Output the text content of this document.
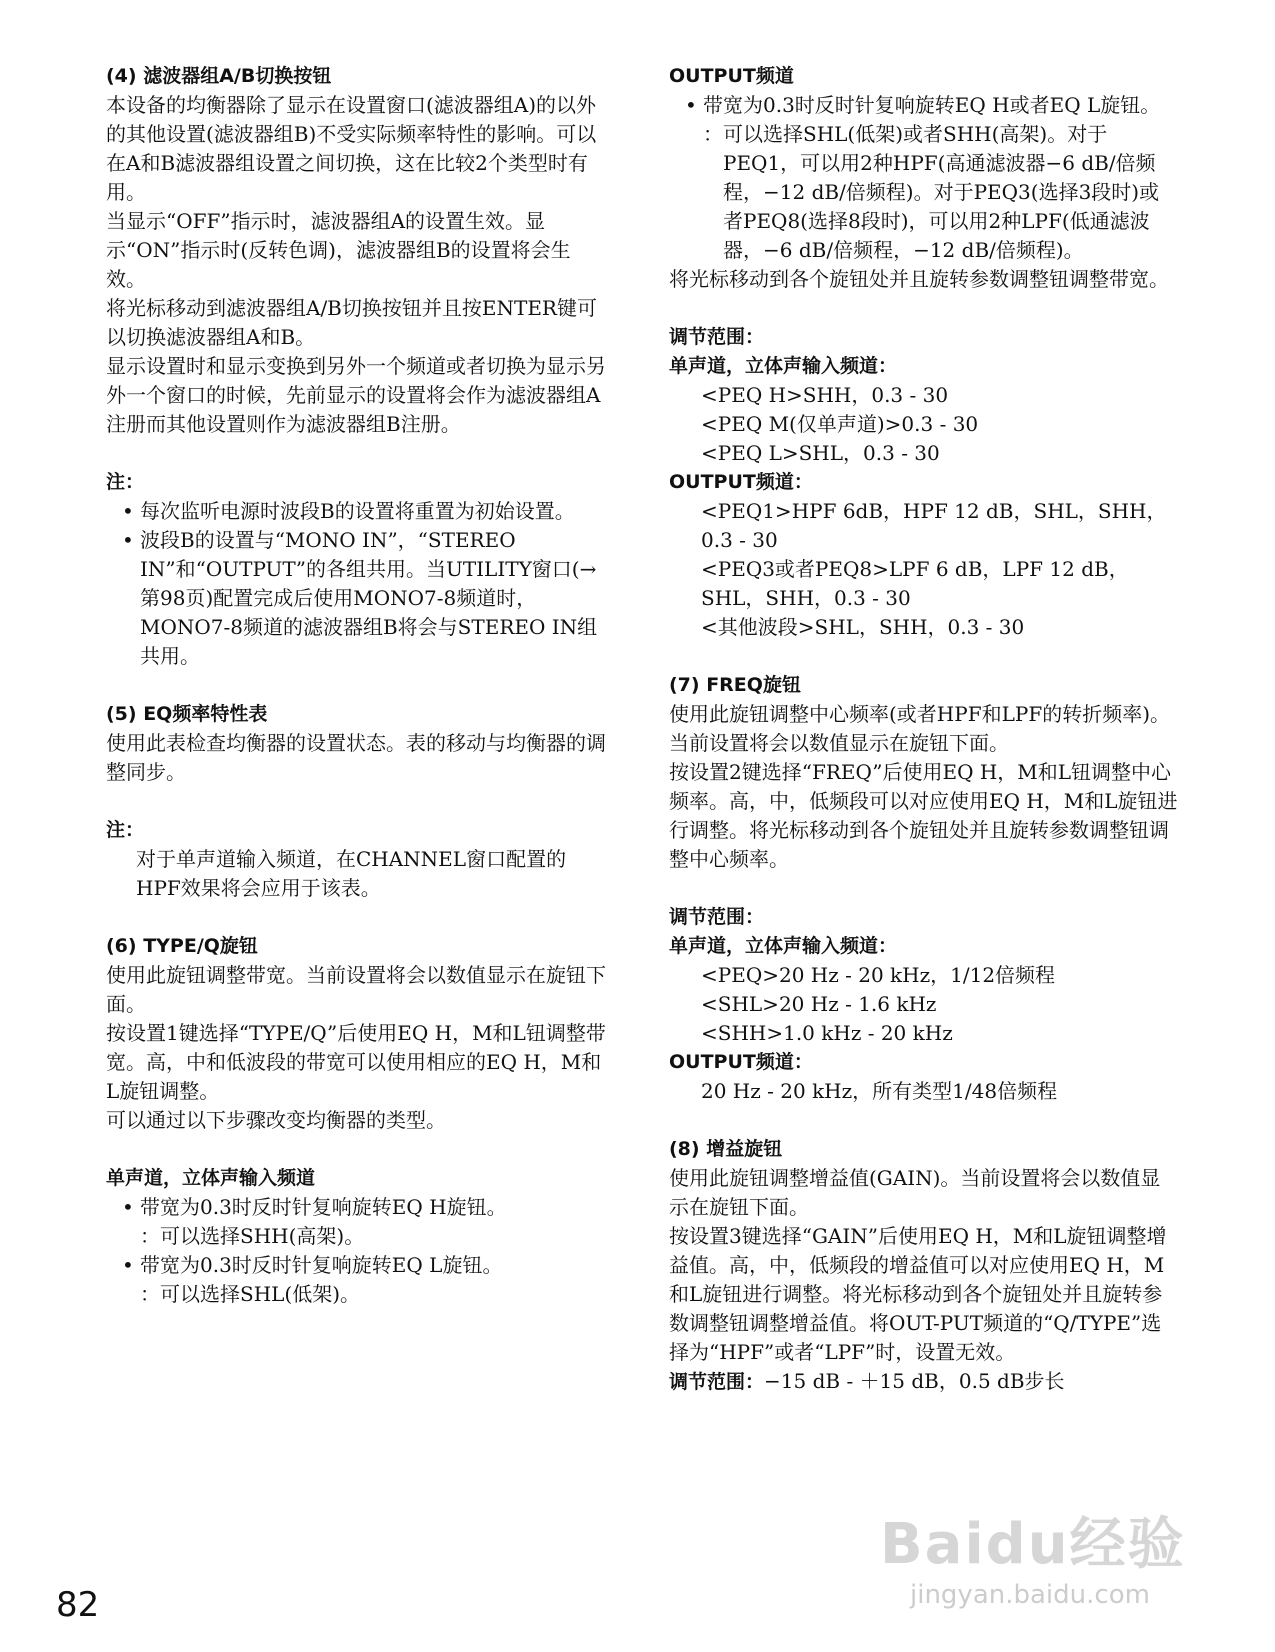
(4) 滤波器组A/B切换按钮

本设备的均衡器除了显示在设置窗口(滤波器组A)的以外的其他设置(滤波器组B)不受实际频率特性的影响。可以在A和B滤波器组设置之间切换，这在比较2个类型时有用。

当显示“OFF”指示时，滤波器组A的设置生效。显示“ON”指示时(反转色调)，滤波器组B的设置将会生效。

将光标移动到滤波器组A/B切换按钮并且按ENTER键可以切换滤波器组A和B。

显示设置时和显示变换到另外一个频道或者切换为显示另外一个窗口的时候，先前显示的设置将会作为滤波器组A注册而其他设置则作为滤波器组B注册。

注：

• 每次监听电源时波段B的设置将重置为初始设置。

• 波段B的设置与“MONO IN”，“STEREO IN”和“OUTPUT”的各组共用。当UTILITY窗口(→第98页)配置完成后使用MONO7-8频道时，MONO7-8频道的滤波器组B将会与STEREO IN组共用。

(5) EQ频率特性表

使用此表检查均衡器的设置状态。表的移动与均衡器的调整同步。

注：

对于单声道输入频道，在CHANNEL窗口配置的HPF效果将会应用于该表。

(6) TYPE/Q旋钮

使用此旋钮调整带宽。当前设置将会以数值显示在旋钮下面。

按设置1键选择“TYPE/Q”后使用EQ H，M和L钮调整带宽。高，中和低波段的带宽可以使用相应的EQ H，M和L旋钮调整。

可以通过以下步骤改变均衡器的类型。

单声道，立体声输入频道

• 带宽为0.3时反时针复响旋转EQ H旋钮。

：可以选择SHH(高架)。

• 带宽为0.3时反时针复响旋转EQ L旋钮。

：可以选择SHL(低架)。

OUTPUT频道

• 带宽为0.3时反时针复响旋转EQ H或者EQ L旋钮。

：可以选择SHL(低架)或者SHH(高架)。对于PEQ1，可以用2种HPF(高通滤波器−6 dB/倍频程，−12 dB/倍频程)。对于PEQ3(选择3段时)或者PEQ8(选择8段时)，可以用2种LPF(低通滤波器，−6 dB/倍频程，−12 dB/倍频程)。

将光标移动到各个旋钮处并且旋转参数调整钮调整带宽。

调节范围：

单声道，立体声输入频道：

<PEQ H>SHH，0.3 - 30

<PEQ M(仅单声道)>0.3 - 30

<PEQ L>SHL，0.3 - 30

OUTPUT频道：

<PEQ1>HPF 6dB，HPF 12 dB，SHL，SHH，0.3 - 30

<PEQ3或者PEQ8>LPF 6 dB，LPF 12 dB，SHL，SHH，0.3 - 30

<其他波段>SHL，SHH，0.3 - 30

(7) FREQ旋钮

使用此旋钮调整中心频率(或者HPF和LPF的转折频率)。当前设置将会以数值显示在旋钮下面。

按设置2键选择“FREQ”后使用EQ H，M和L钮调整中心频率。高，中，低频段可以对应使用EQ H，M和L旋钮进行调整。将光标移动到各个旋钮处并且旋转参数调整钮调整中心频率。

调节范围：

单声道，立体声输入频道：

<PEQ>20 Hz - 20 kHz，1/12倍频程

<SHL>20 Hz - 1.6 kHz

<SHH>1.0 kHz - 20 kHz

OUTPUT频道：

20 Hz - 20 kHz，所有类型1/48倍频程

(8) 增益旋钮

使用此旋钮调整增益值(GAIN)。当前设置将会以数值显示在旋钮下面。

按设置3键选择“GAIN”后使用EQ H，M和L旋钮调整增益值。高，中，低频段的增益值可以对应使用EQ H，M和L旋钮进行调整。将光标移动到各个旋钮处并且旋转参数调整钮调整增益值。将OUT-PUT频道的“Q/TYPE”选择为“HPF”或者“LPF”时，设置无效。

调节范围：−15 dB - ＋15 dB，0.5 dB步长

82
Baidu经验
jingyan.baidu.com
